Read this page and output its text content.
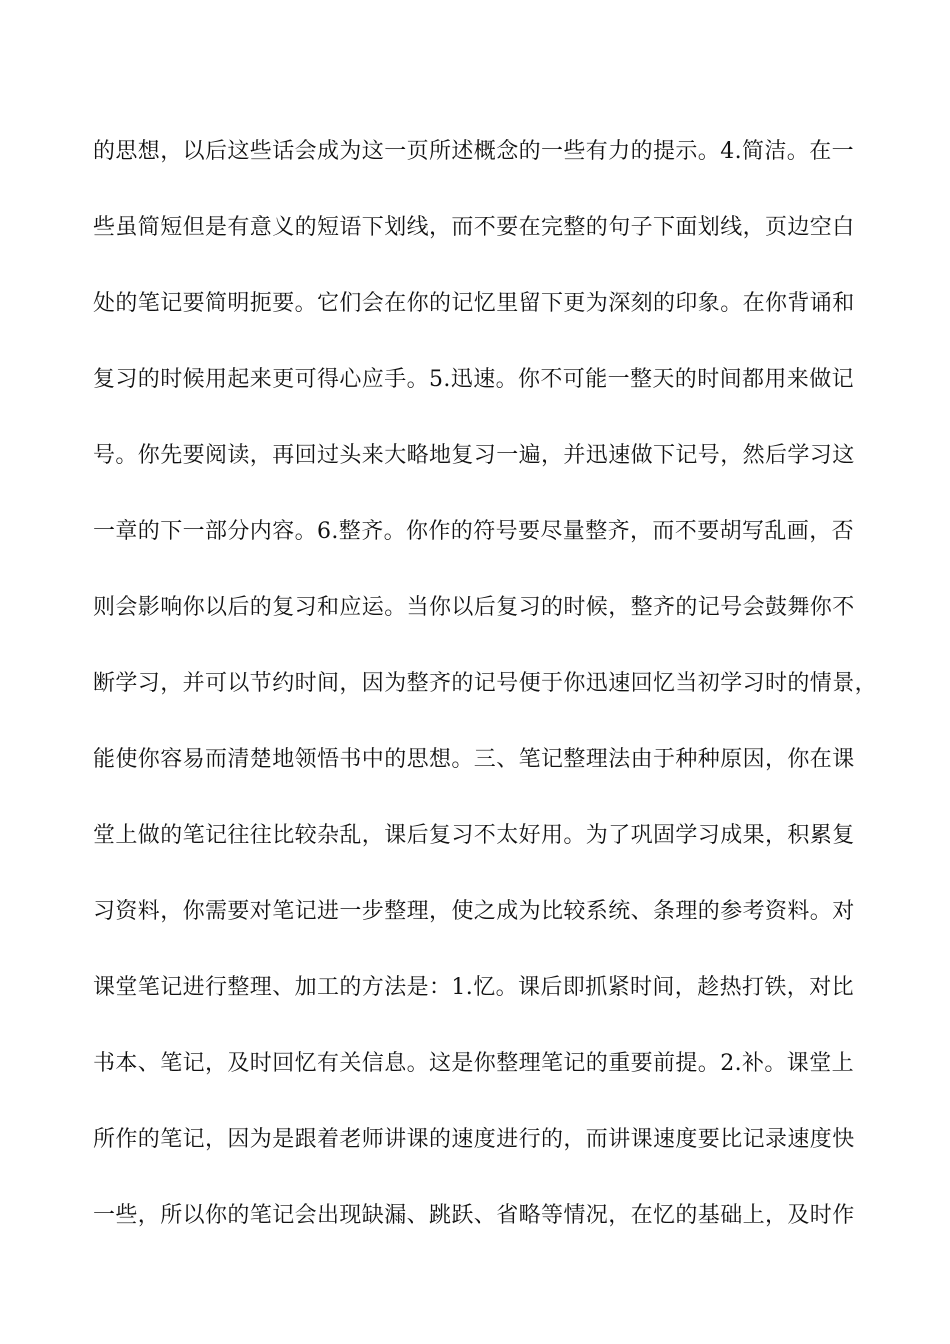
的思想，以后这些话会成为这一页所述概念的一些有力的提示。4.简洁。在一
些虽简短但是有意义的短语下划线，而不要在完整的句子下面划线，页边空白
处的笔记要简明扼要。它们会在你的记忆里留下更为深刻的印象。在你背诵和
复习的时候用起来更可得心应手。5.迅速。你不可能一整天的时间都用来做记
号。你先要阅读，再回过头来大略地复习一遍，并迅速做下记号，然后学习这
一章的下一部分内容。6.整齐。你作的符号要尽量整齐，而不要胡写乱画，否
则会影响你以后的复习和应运。当你以后复习的时候，整齐的记号会鼓舞你不
断学习，并可以节约时间，因为整齐的记号便于你迅速回忆当初学习时的情景，
能使你容易而清楚地领悟书中的思想。三、笔记整理法由于种种原因，你在课
堂上做的笔记往往比较杂乱，课后复习不太好用。为了巩固学习成果，积累复
习资料，你需要对笔记进一步整理，使之成为比较系统、条理的参考资料。对
课堂笔记进行整理、加工的方法是：1.忆。课后即抓紧时间，趁热打铁，对比
书本、笔记，及时回忆有关信息。这是你整理笔记的重要前提。2.补。课堂上
所作的笔记，因为是跟着老师讲课的速度进行的，而讲课速度要比记录速度快
一些，所以你的笔记会出现缺漏、跳跃、省略等情况，在忆的基础上，及时作
